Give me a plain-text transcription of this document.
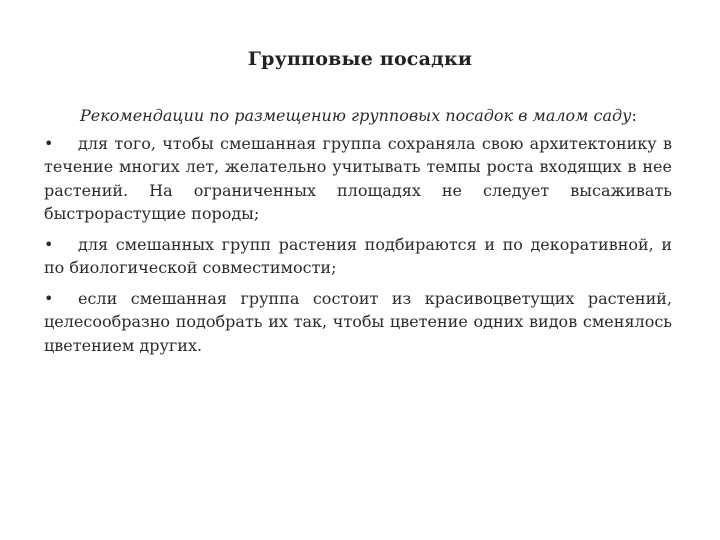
Групповые посадки

Рекомендации по размещению групповых посадок в малом саду:

• для того, чтобы смешанная группа сохраняла свою архитектонику в течение многих лет, желательно учитывать темпы роста входящих в нее растений. На ограниченных площадях не следует высаживать быстрорастущие породы;

• для смешанных групп растения подбираются и по декоративной, и по биологической совместимости;

• если смешанная группа состоит из красивоцветущих растений, целесообразно подобрать их так, чтобы цветение одних видов сменялось цветением других.
